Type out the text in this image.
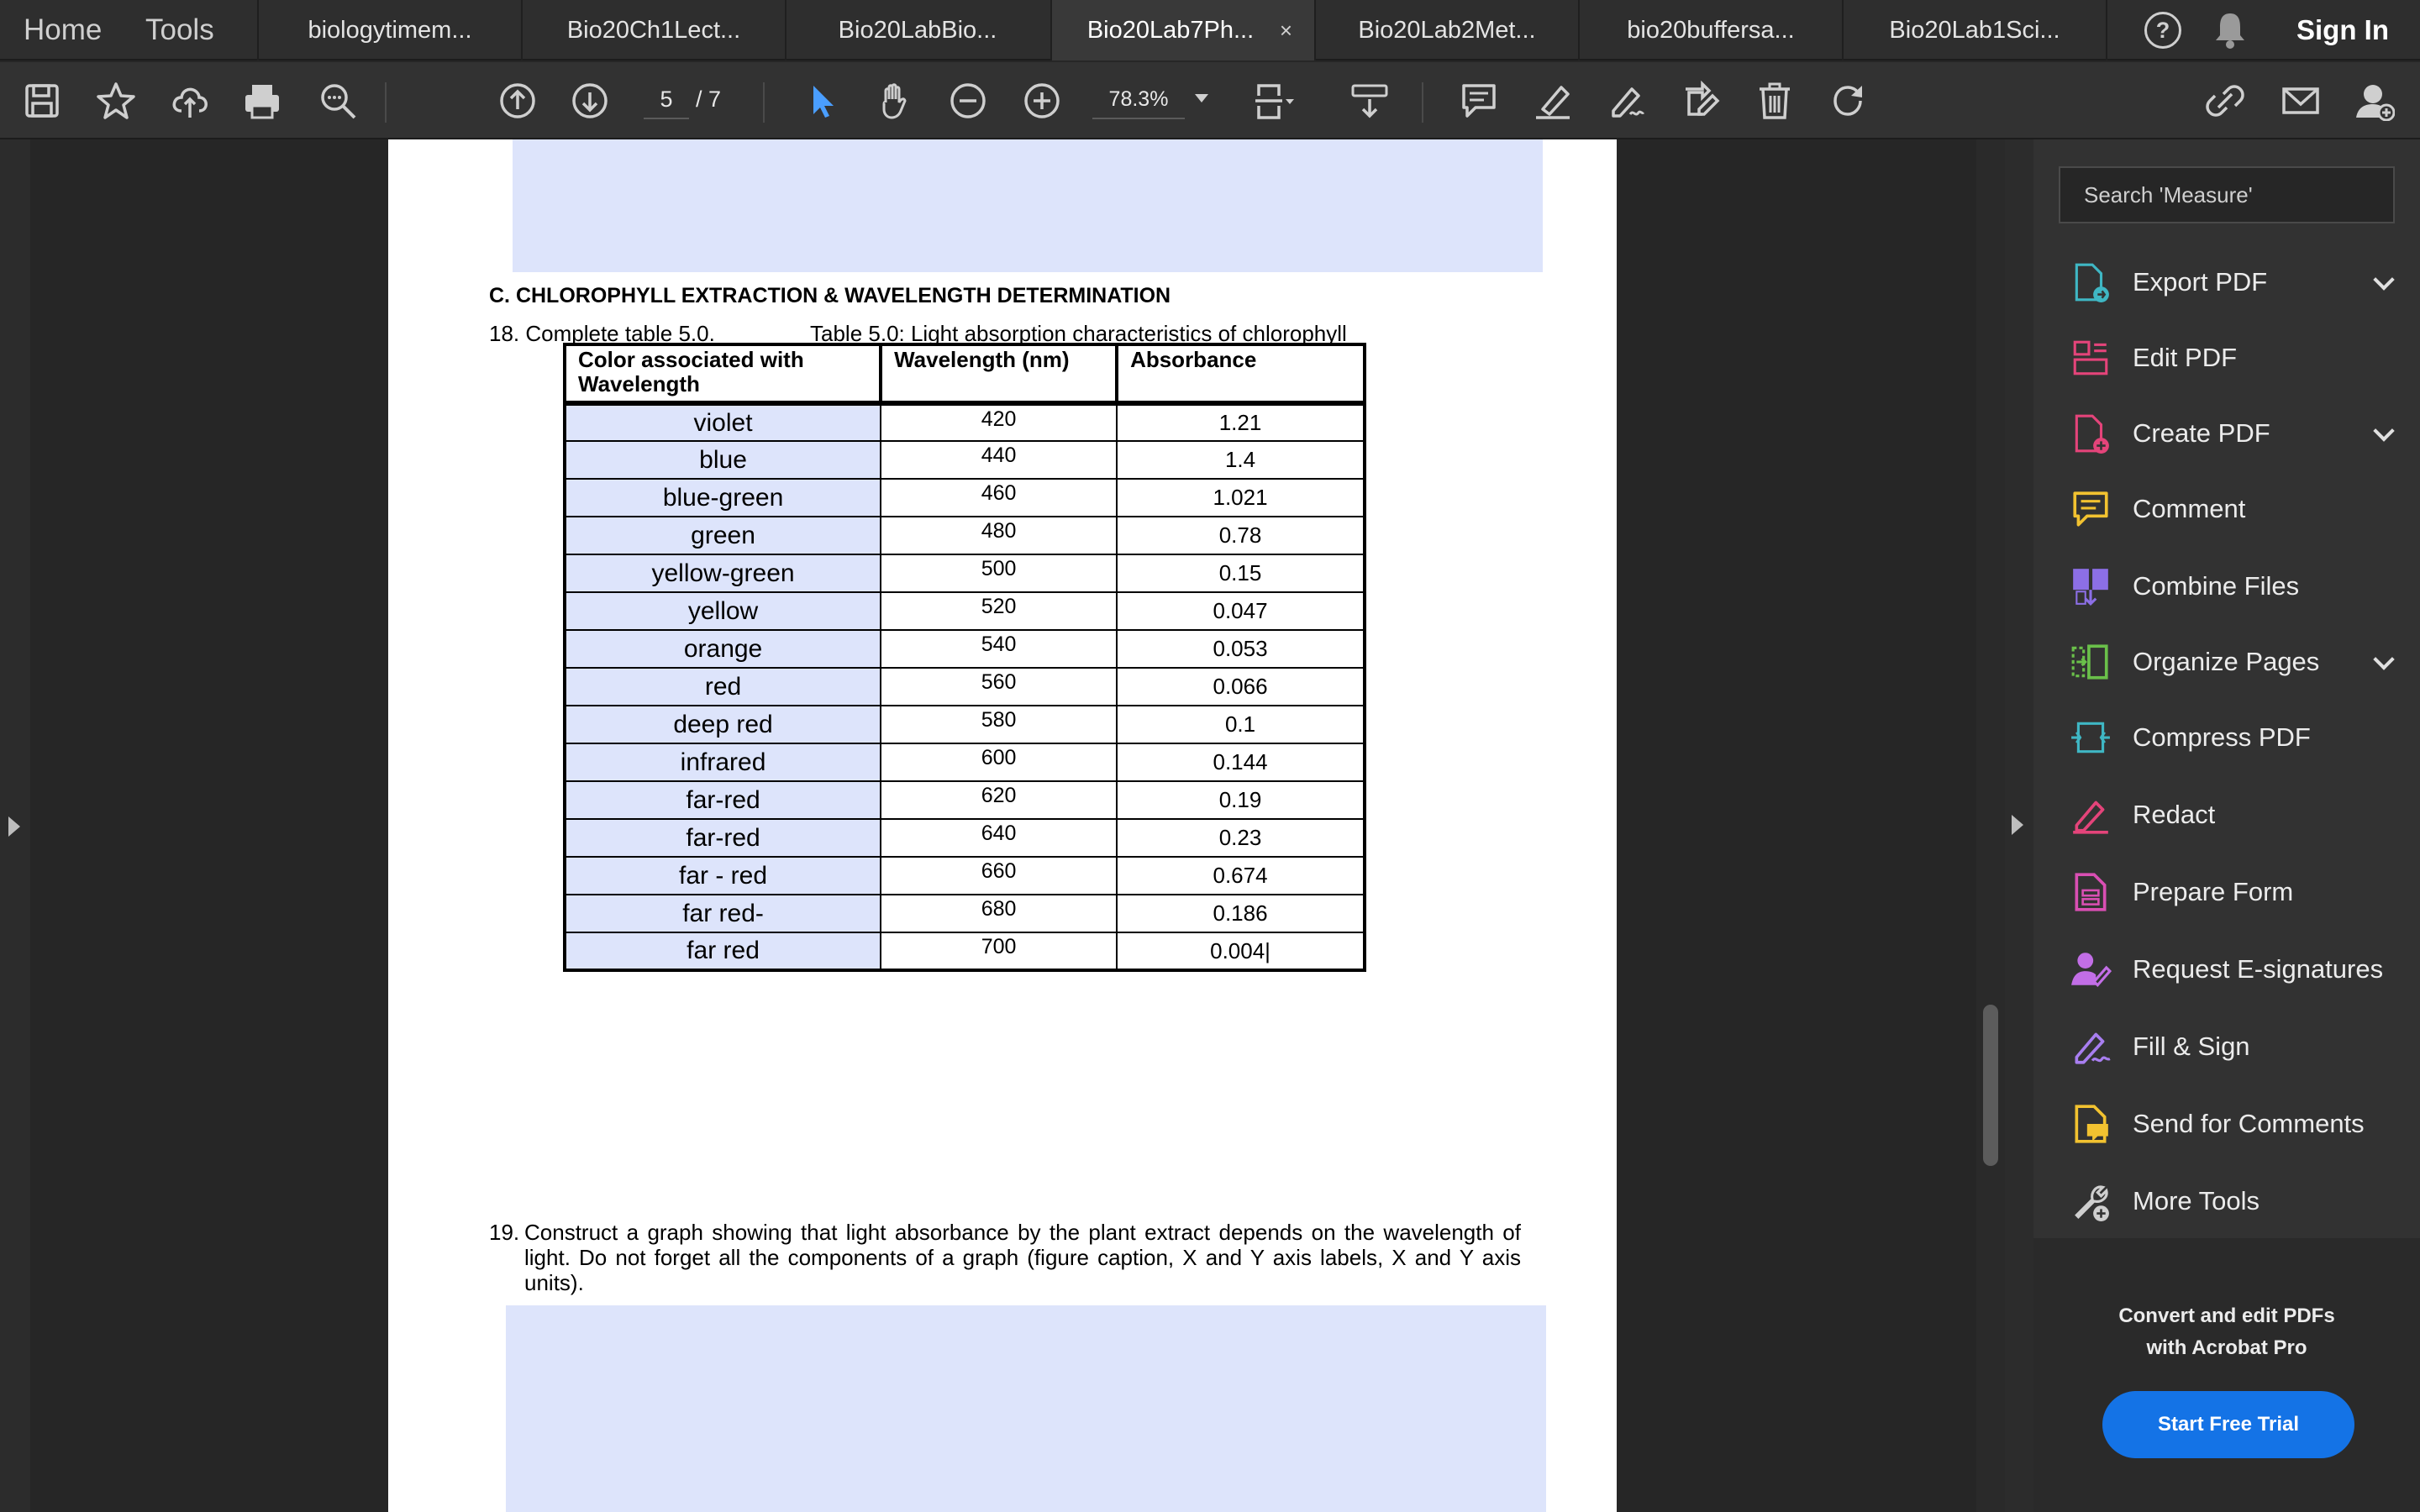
Home Tools	biologytimem...	Bio20Ch1Lect...	Bio20LabBio...	Bio20Lab7Ph... ×	Bio20Lab2Met...	bio20buffersa...	Bio20Lab1Sci...	?	Sign In
5	/ 7	78.3%
C. CHLOROPHYLL EXTRACTION & WAVELENGTH DETERMINATION
18. Complete table 5.0.	Table 5.0: Light absorption characteristics of chlorophyll
Color associated with Wavelength	Wavelength (nm)	Absorbance
violet	420	1.21
blue	440	1.4
blue-green	460	1.021
green	480	0.78
yellow-green	500	0.15
yellow	520	0.047
orange	540	0.053
red	560	0.066
deep red	580	0.1
infrared	600	0.144
far-red	620	0.19
far-red	640	0.23
far - red	660	0.674
far red-	680	0.186
far red	700	0.004|
19. Construct a graph showing that light absorbance by the plant extract depends on the wavelength of light. Do not forget all the components of a graph (figure caption, X and Y axis labels, X and Y axis units).
Search 'Measure'
Export PDF
Edit PDF
Create PDF
Comment
Combine Files
Organize Pages
Compress PDF
Redact
Prepare Form
Request E-signatures
Fill & Sign
Send for Comments
More Tools
Convert and edit PDFs
with Acrobat Pro
Start Free Trial
